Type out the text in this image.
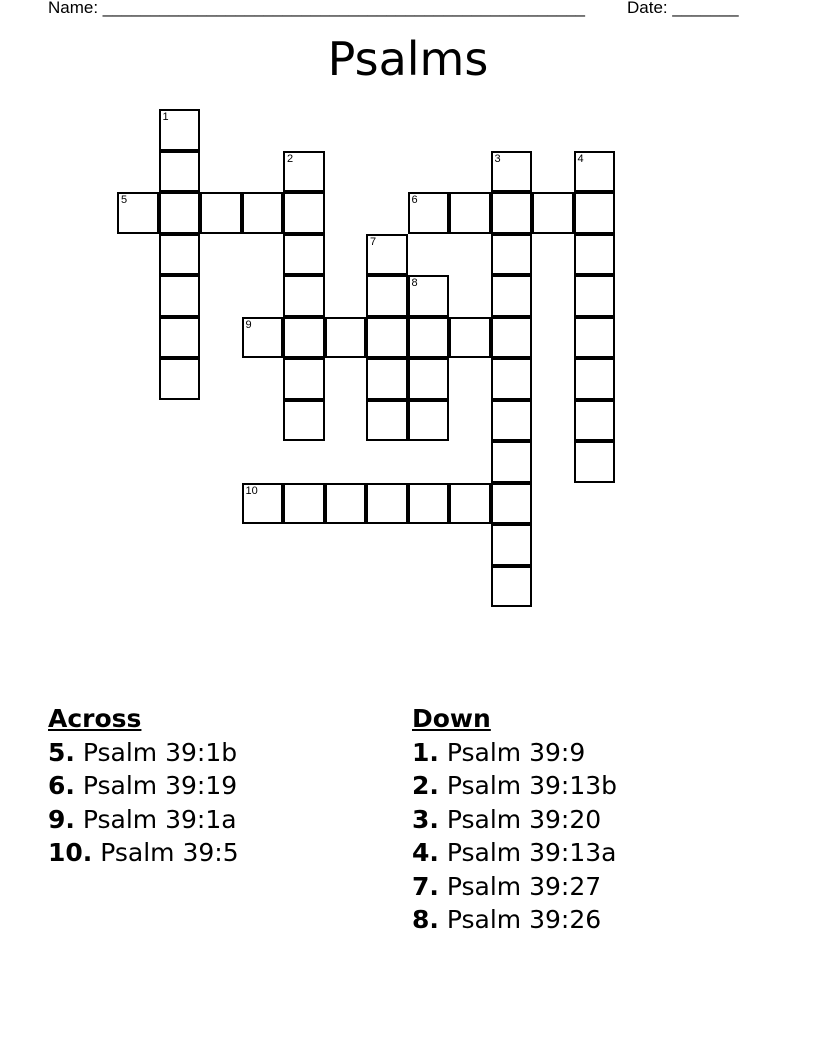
Name: ___________________________________________________ Date: _______
Psalms
1
5
2	3	4
6
7
8
9
10
Across
5. Psalm 39:1b
6. Psalm 39:19
9. Psalm 39:1a
10. Psalm 39:5
Down
1. Psalm 39:9
2. Psalm 39:13b
3. Psalm 39:20
4. Psalm 39:13a
7. Psalm 39:27
8. Psalm 39:26
